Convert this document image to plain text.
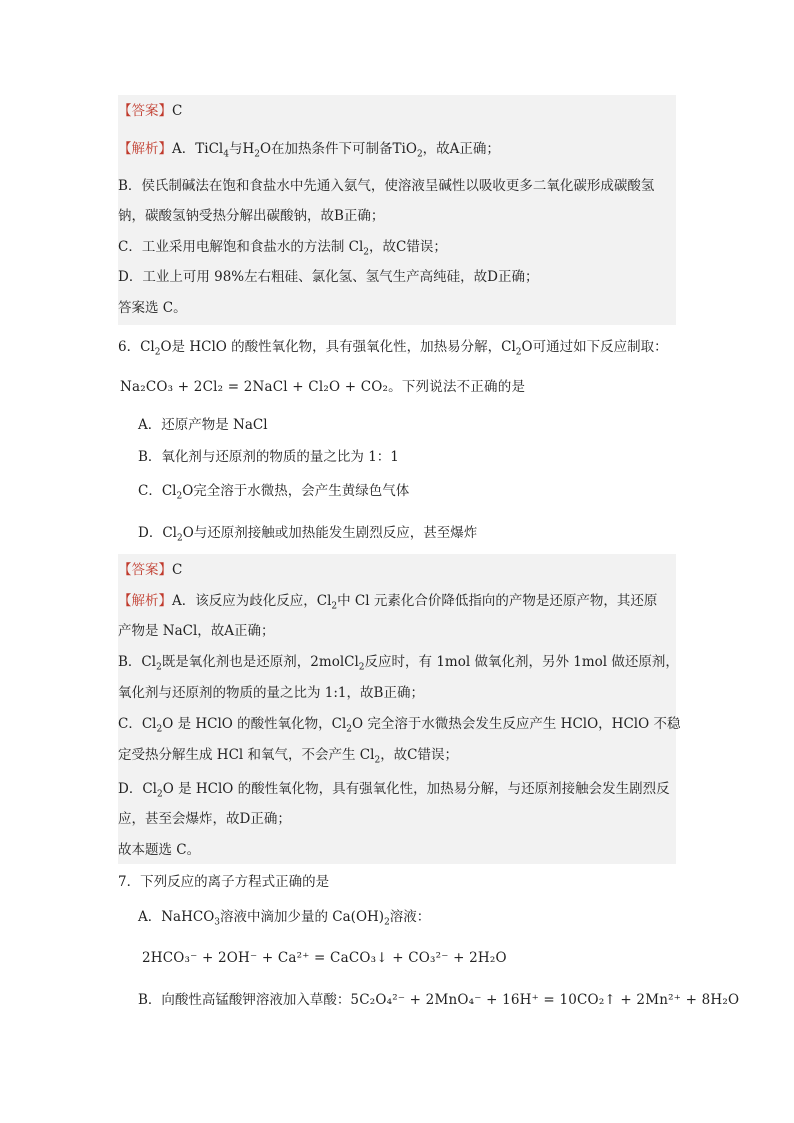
【答案】C
【解析】A．TiCl$_4$与$H_2O$在加热条件下可制备TiO$_2$，故A正确；
B．侯氏制碱法在饱和食盐水中先通入氨气，使溶液呈碱性以吸收更多二氧化碳形成碳酸氢
钠，碳酸氢钠受热分解出碳酸钠，故B正确；
C．工业采用电解饱和食盐水的方法制 $Cl_2$，故C错误；
D．工业上可用 98%左右粗硅、氯化氢、氢气生产高纯硅，故D正确；
答案选 C。
6．$Cl_2O$是 HClO 的酸性氧化物，具有强氧化性，加热易分解，$Cl_2O$可通过如下反应制取：
Na₂CO₃ + 2Cl₂ = 2NaCl + Cl₂O + CO₂。下列说法不正确的是
A．还原产物是 NaCl
B．氧化剂与还原剂的物质的量之比为 1：1
C．$Cl_2O$完全溶于水微热，会产生黄绿色气体
D．$Cl_2O$与还原剂接触或加热能发生剧烈反应，甚至爆炸
【答案】C
【解析】A．该反应为歧化反应，$Cl_2$中 Cl 元素化合价降低指向的产物是还原产物，其还原
产物是 NaCl，故A正确；
B．$Cl_2$既是氧化剂也是还原剂，2molCl$_2$反应时，有 1mol 做氧化剂，另外 1mol 做还原剂，
氧化剂与还原剂的物质的量之比为 1:1，故B正确；
C．$Cl_2O$ 是 HClO 的酸性氧化物，$Cl_2O$ 完全溶于水微热会发生反应产生 HClO，HClO 不稳
定受热分解生成 HCl 和氧气，不会产生 $Cl_2$，故C错误；
D．$Cl_2O$ 是 HClO 的酸性氧化物，具有强氧化性，加热易分解，与还原剂接触会发生剧烈反
应，甚至会爆炸，故D正确；
故本题选 C。
7．下列反应的离子方程式正确的是
A．NaHCO$_3$溶液中滴加少量的 $Ca(OH)_2$溶液：
2HCO₃⁻ + 2OH⁻ + Ca²⁺ = CaCO₃↓ + CO₃²⁻ + 2H₂O
B．向酸性高锰酸钾溶液加入草酸：5C₂O₄²⁻ + 2MnO₄⁻ + 16H⁺ = 10CO₂↑ + 2Mn²⁺ + 8H₂O
